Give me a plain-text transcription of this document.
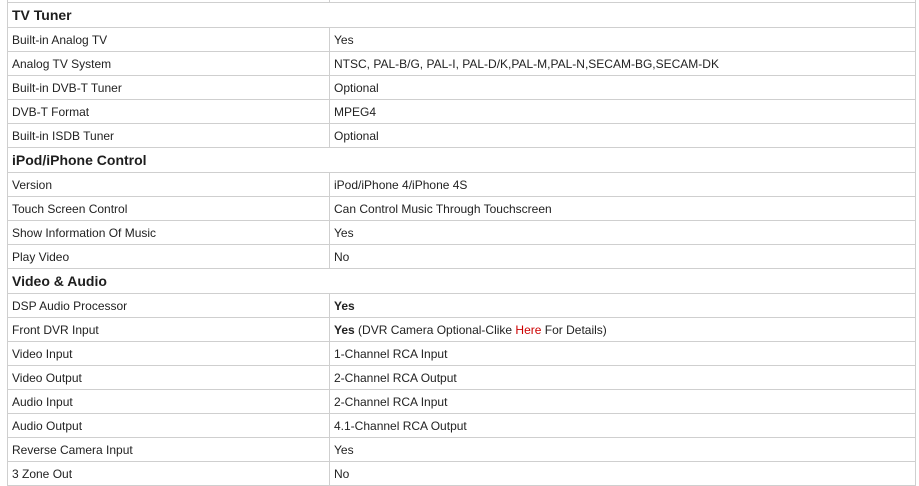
TV Tuner	
Built-in Analog TV	Yes
Analog TV System	NTSC, PAL-B/G, PAL-I, PAL-D/K,PAL-M,PAL-N,SECAM-BG,SECAM-DK
Built-in DVB-T Tuner	Optional
DVB-T Format	MPEG4
Built-in ISDB Tuner	Optional
iPod/iPhone Control	
Version	iPod/iPhone 4/iPhone 4S
Touch Screen Control	Can Control Music Through Touchscreen
Show Information Of Music	Yes
Play Video	No
Video & Audio	
DSP Audio Processor	Yes
Front DVR Input	Yes (DVR Camera Optional-Clike Here For Details)
Video Input	1-Channel RCA Input
Video Output	2-Channel RCA Output
Audio Input	2-Channel RCA Input
Audio Output	4.1-Channel RCA Output
Reverse Camera Input	Yes
3 Zone Out	No
